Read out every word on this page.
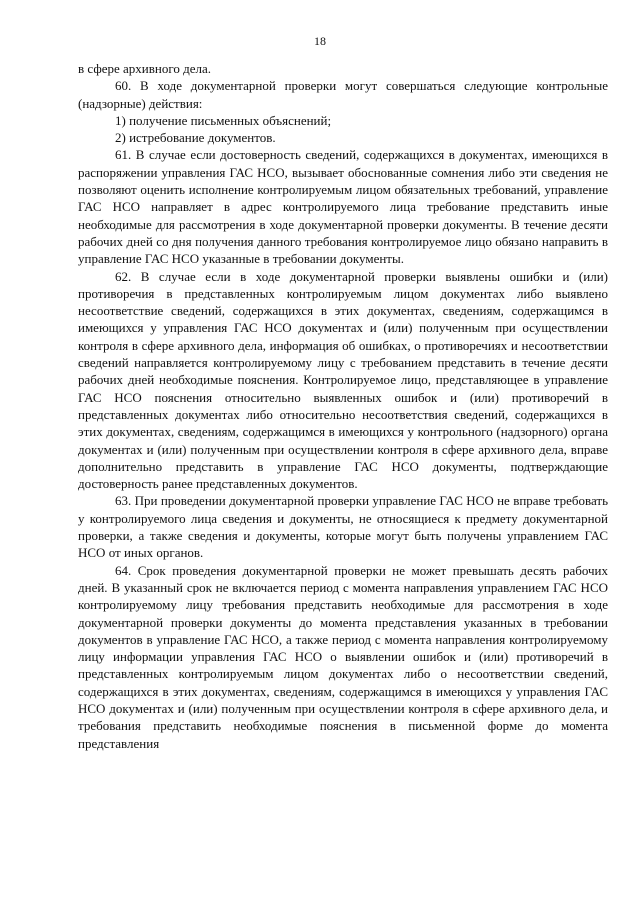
18

в сфере архивного дела.

60. В ходе документарной проверки могут совершаться следующие контрольные (надзорные) действия:

1) получение письменных объяснений;

2) истребование документов.

61. В случае если достоверность сведений, содержащихся в документах, имеющихся в распоряжении управления ГАС НСО, вызывает обоснованные сомнения либо эти сведения не позволяют оценить исполнение контролируемым лицом обязательных требований, управление ГАС НСО направляет в адрес контролируемого лица требование представить иные необходимые для рассмотрения в ходе документарной проверки документы. В течение десяти рабочих дней со дня получения данного требования контролируемое лицо обязано направить в управление ГАС НСО указанные в требовании документы.

62. В случае если в ходе документарной проверки выявлены ошибки и (или) противоречия в представленных контролируемым лицом документах либо выявлено несоответствие сведений, содержащихся в этих документах, сведениям, содержащимся в имеющихся у управления ГАС НСО документах и (или) полученным при осуществлении контроля в сфере архивного дела, информация об ошибках, о противоречиях и несоответствии сведений направляется контролируемому лицу с требованием представить в течение десяти рабочих дней необходимые пояснения. Контролируемое лицо, представляющее в управление ГАС НСО пояснения относительно выявленных ошибок и (или) противоречий в представленных документах либо относительно несоответствия сведений, содержащихся в этих документах, сведениям, содержащимся в имеющихся у контрольного (надзорного) органа документах и (или) полученным при осуществлении контроля в сфере архивного дела, вправе дополнительно представить в управление ГАС НСО документы, подтверждающие достоверность ранее представленных документов.

63. При проведении документарной проверки управление ГАС НСО не вправе требовать у контролируемого лица сведения и документы, не относящиеся к предмету документарной проверки, а также сведения и документы, которые могут быть получены управлением ГАС НСО от иных органов.

64. Срок проведения документарной проверки не может превышать десять рабочих дней. В указанный срок не включается период с момента направления управлением ГАС НСО контролируемому лицу требования представить необходимые для рассмотрения в ходе документарной проверки документы до момента представления указанных в требовании документов в управление ГАС НСО, а также период с момента направления контролируемому лицу информации управления ГАС НСО о выявлении ошибок и (или) противоречий в представленных контролируемым лицом документах либо о несоответствии сведений, содержащихся в этих документах, сведениям, содержащимся в имеющихся у управления ГАС НСО документах и (или) полученным при осуществлении контроля в сфере архивного дела, и требования представить необходимые пояснения в письменной форме до момента представления
